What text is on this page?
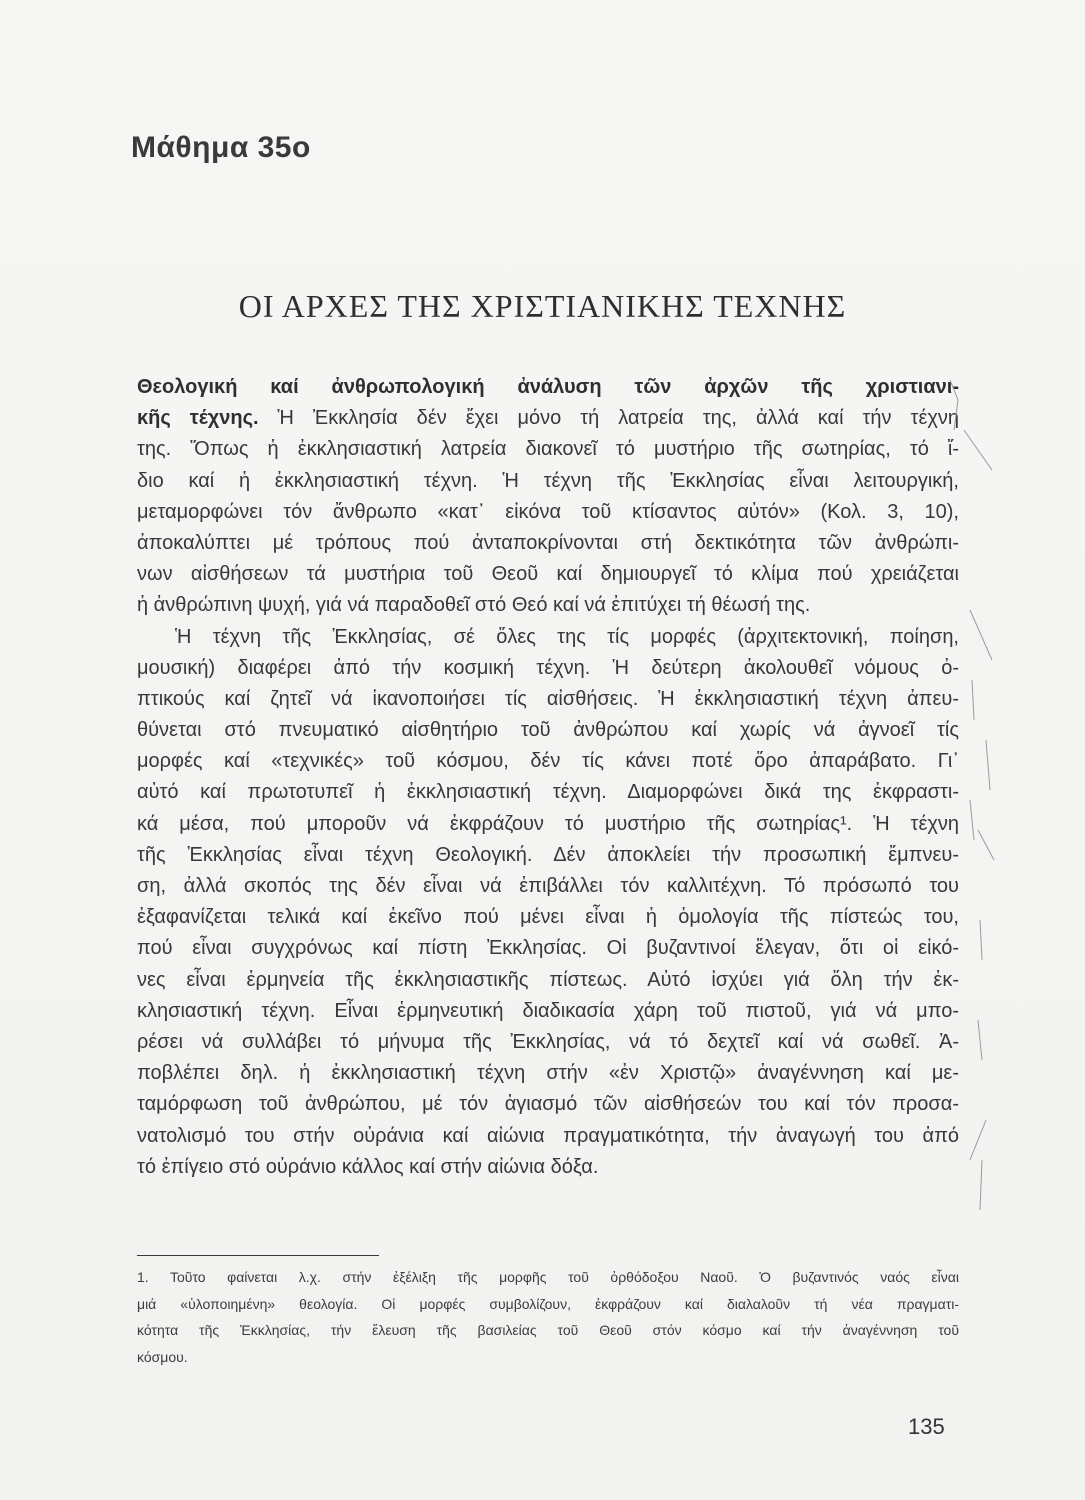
Μάθημα 35ο
ΟΙ ΑΡΧΕΣ ΤΗΣ ΧΡΙΣΤΙΑΝΙΚΗΣ ΤΕΧΝΗΣ
Θεολογική καί ἀνθρωπολογική ἀνάλυση τῶν ἀρχῶν τῆς χριστιανι-
κῆς τέχνης. Ἡ Ἐκκλησία δέν ἔχει μόνο τή λατρεία της, ἀλλά καί τήν τέχνη
της. Ὅπως ἡ ἐκκλησιαστική λατρεία διακονεῖ τό μυστήριο τῆς σωτηρίας, τό ἴ-
διο καί ἡ ἐκκλησιαστική τέχνη. Ἡ τέχνη τῆς Ἐκκλησίας εἶναι λειτουργική,
μεταμορφώνει τόν ἄνθρωπο «κατ᾽ εἰκόνα τοῦ κτίσαντος αὐτόν» (Κολ. 3, 10),
ἀποκαλύπτει μέ τρόπους πού ἀνταποκρίνονται στή δεκτικότητα τῶν ἀνθρώπι-
νων αἰσθήσεων τά μυστήρια τοῦ Θεοῦ καί δημιουργεῖ τό κλίμα πού χρειάζεται
ἡ ἀνθρώπινη ψυχή, γιά νά παραδοθεῖ στό Θεό καί νά ἐπιτύχει τή θέωσή της.
Ἡ τέχνη τῆς Ἐκκλησίας, σέ ὅλες της τίς μορφές (ἀρχιτεκτονική, ποίηση,
μουσική) διαφέρει ἀπό τήν κοσμική τέχνη. Ἡ δεύτερη ἀκολουθεῖ νόμους ὀ-
πτικούς καί ζητεῖ νά ἱκανοποιήσει τίς αἰσθήσεις. Ἡ ἐκκλησιαστική τέχνη ἀπευ-
θύνεται στό πνευματικό αἰσθητήριο τοῦ ἀνθρώπου καί χωρίς νά ἀγνοεῖ τίς
μορφές καί «τεχνικές» τοῦ κόσμου, δέν τίς κάνει ποτέ ὅρο ἀπαράβατο. Γι᾽
αὐτό καί πρωτοτυπεῖ ἡ ἐκκλησιαστική τέχνη. Διαμορφώνει δικά της ἐκφραστι-
κά μέσα, πού μποροῦν νά ἐκφράζουν τό μυστήριο τῆς σωτηρίας¹. Ἡ τέχνη
τῆς Ἐκκλησίας εἶναι τέχνη Θεολογική. Δέν ἀποκλείει τήν προσωπική ἔμπνευ-
ση, ἀλλά σκοπός της δέν εἶναι νά ἐπιβάλλει τόν καλλιτέχνη. Τό πρόσωπό του
ἐξαφανίζεται τελικά καί ἐκεῖνο πού μένει εἶναι ἡ ὁμολογία τῆς πίστεώς του,
πού εἶναι συγχρόνως καί πίστη Ἐκκλησίας. Οἱ βυζαντινοί ἔλεγαν, ὅτι οἱ εἰκό-
νες εἶναι ἑρμηνεία τῆς ἐκκλησιαστικῆς πίστεως. Αὐτό ἰσχύει γιά ὅλη τήν ἐκ-
κλησιαστική τέχνη. Εἶναι ἑρμηνευτική διαδικασία χάρη τοῦ πιστοῦ, γιά νά μπο-
ρέσει νά συλλάβει τό μήνυμα τῆς Ἐκκλησίας, νά τό δεχτεῖ καί νά σωθεῖ. Ἀ-
ποβλέπει δηλ. ἡ ἐκκλησιαστική τέχνη στήν «ἐν Χριστῷ» ἀναγέννηση καί με-
ταμόρφωση τοῦ ἀνθρώπου, μέ τόν ἁγιασμό τῶν αἰσθήσεών του καί τόν προσα-
νατολισμό του στήν οὐράνια καί αἰώνια πραγματικότητα, τήν ἀναγωγή του ἀπό
τό ἐπίγειο στό οὐράνιο κάλλος καί στήν αἰώνια δόξα.
1. Τοῦτο φαίνεται λ.χ. στήν ἐξέλιξη τῆς μορφῆς τοῦ ὀρθόδοξου Ναοῦ. Ὁ βυζαντινός ναός εἶναι
μιά «ὑλοποιημένη» θεολογία. Οἱ μορφές συμβολίζουν, ἐκφράζουν καί διαλαλοῦν τή νέα πραγματι-
κότητα τῆς Ἐκκλησίας, τήν ἔλευση τῆς βασιλείας τοῦ Θεοῦ στόν κόσμο καί τήν ἀναγέννηση τοῦ
κόσμου.
135
